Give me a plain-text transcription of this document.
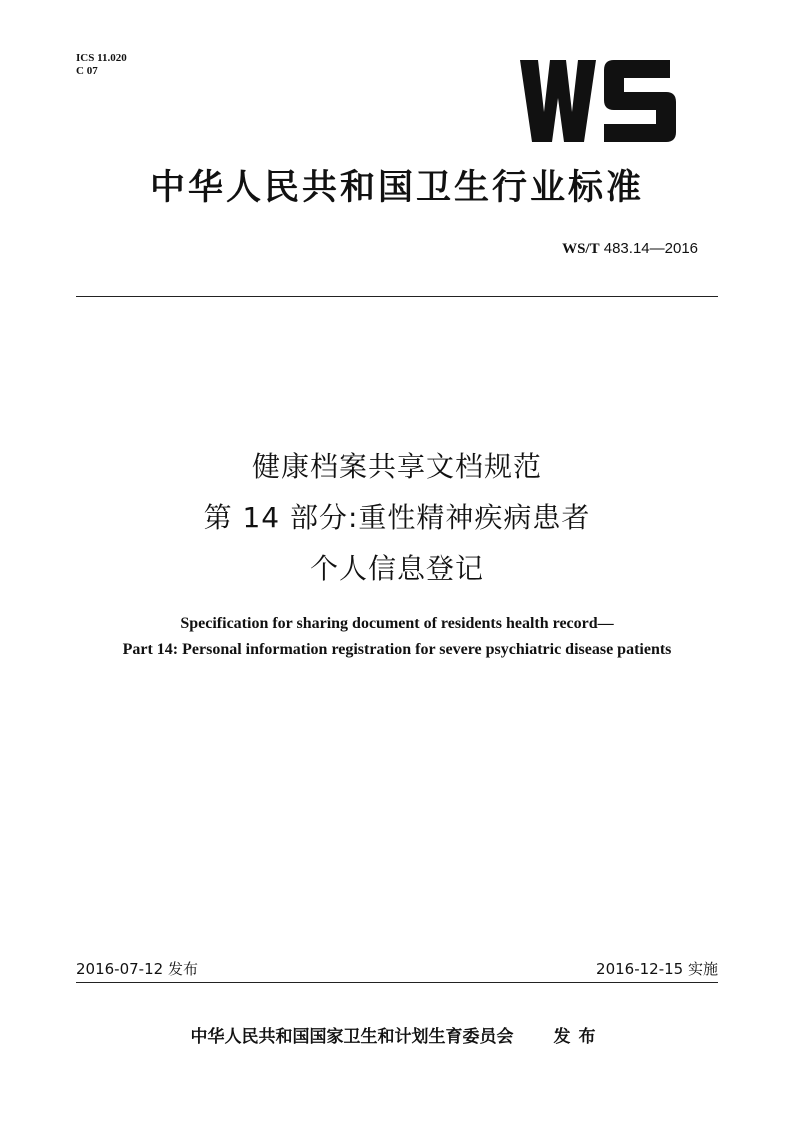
ICS 11.020
C 07
中华人民共和国卫生行业标准
WS/T 483.14—2016
健康档案共享文档规范
第 14 部分:重性精神疾病患者
个人信息登记
Specification for sharing document of residents health record—
Part 14: Personal information registration for severe psychiatric disease patients
2016-07-12 发布	2016-12-15 实施
中华人民共和国国家卫生和计划生育委员会 发布
